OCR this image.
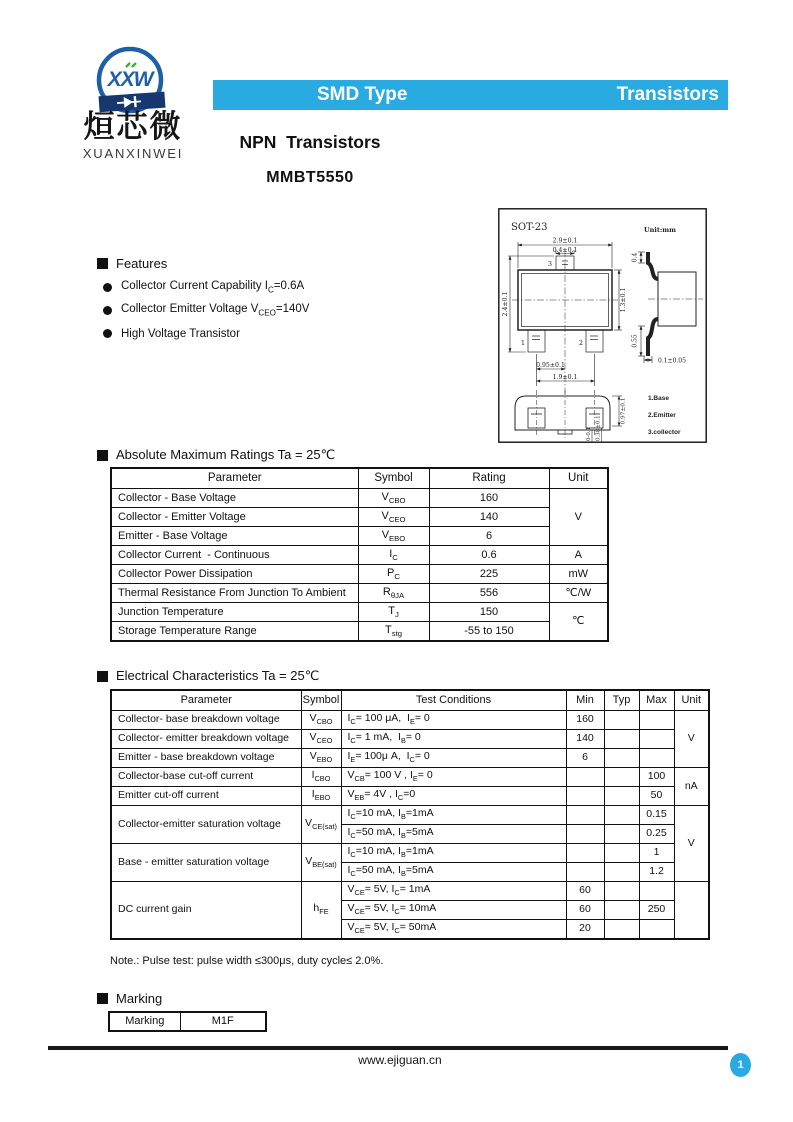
XXW
烜芯微
XUANXINWEI
SMD Type	Transistors
NPN  Transistors
MMBT5550
Features
Collector Current Capability $I_C=0.6A$
Collector Emitter Voltage $V_{CEO}=140V$
High Voltage Transistor
SOT-23	Unit:mm
3
1	2
2.9±0.1
0.4±0.1
2.4±0.1	1.3±0.1
0.95±0.1
1.9±0.1
0.4
0.55
0.1±0.05
0.97±0.1
0-0.1 0.38±0.1
1.Base
2.Emitter
3.collector
Absolute Maximum Ratings Ta = 25℃
Parameter	Symbol	Rating	Unit
Collector - Base Voltage	$V_{CBO}$	160	V
Collector - Emitter Voltage	$V_{CEO}$	140	
Emitter - Base Voltage	$V_{EBO}$	6	
Collector Current  - Continuous	$I_C$	0.6	A
Collector Power Dissipation	$P_C$	225	mW
Thermal Resistance From Junction To Ambient	$R_{\theta JA}$	556	℃/W
Junction Temperature	$T_J$	150	℃
Storage Temperature Range	$T_{stg}$	-55 to 150	
Electrical Characteristics Ta = 25℃
Parameter	Symbol	Test Conditions	Min	Typ	Max	Unit
Collector- base breakdown voltage	$V_{CBO}$	$I_C= 100$ μA,  $I_E= 0$	160			V
Collector- emitter breakdown voltage	$V_{CEO}$	$I_C= 1$ mA,  $I_B= 0$	140			
Emitter - base breakdown voltage	$V_{EBO}$	$I_E= 100\mu$ A,  $I_C= 0$	6			
Collector-base cut-off current	$I_{CBO}$	$V_{CB}= 100$ V , $I_E= 0$			100	nA
Emitter cut-off current	$I_{EBO}$	$V_{EB}= 4V$ , $I_C=0$			50	
Collector-emitter saturation voltage	$V_{CE(sat)}$	$I_C=10$ mA, $I_B=1mA$			0.15	V
		$I_C=50$ mA, $I_B=5mA$			0.25	
Base - emitter saturation voltage	$V_{BE(sat)}$	$I_C=10$ mA, $I_B=1mA$			1	
		$I_C=50$ mA, $I_B=5mA$			1.2	
DC current gain	$h_{FE}$	$V_{CE}= 5V$, $I_C= 1mA$	60			
		$V_{CE}= 5V$, $I_C= 10mA$	60		250	
		$V_{CE}= 5V$, $I_C= 50mA$	20			
Note.: Pulse test: pulse width ≤300μs, duty cycle≤ 2.0%.
Marking
Marking	M1F
www.ejiguan.cn	1
